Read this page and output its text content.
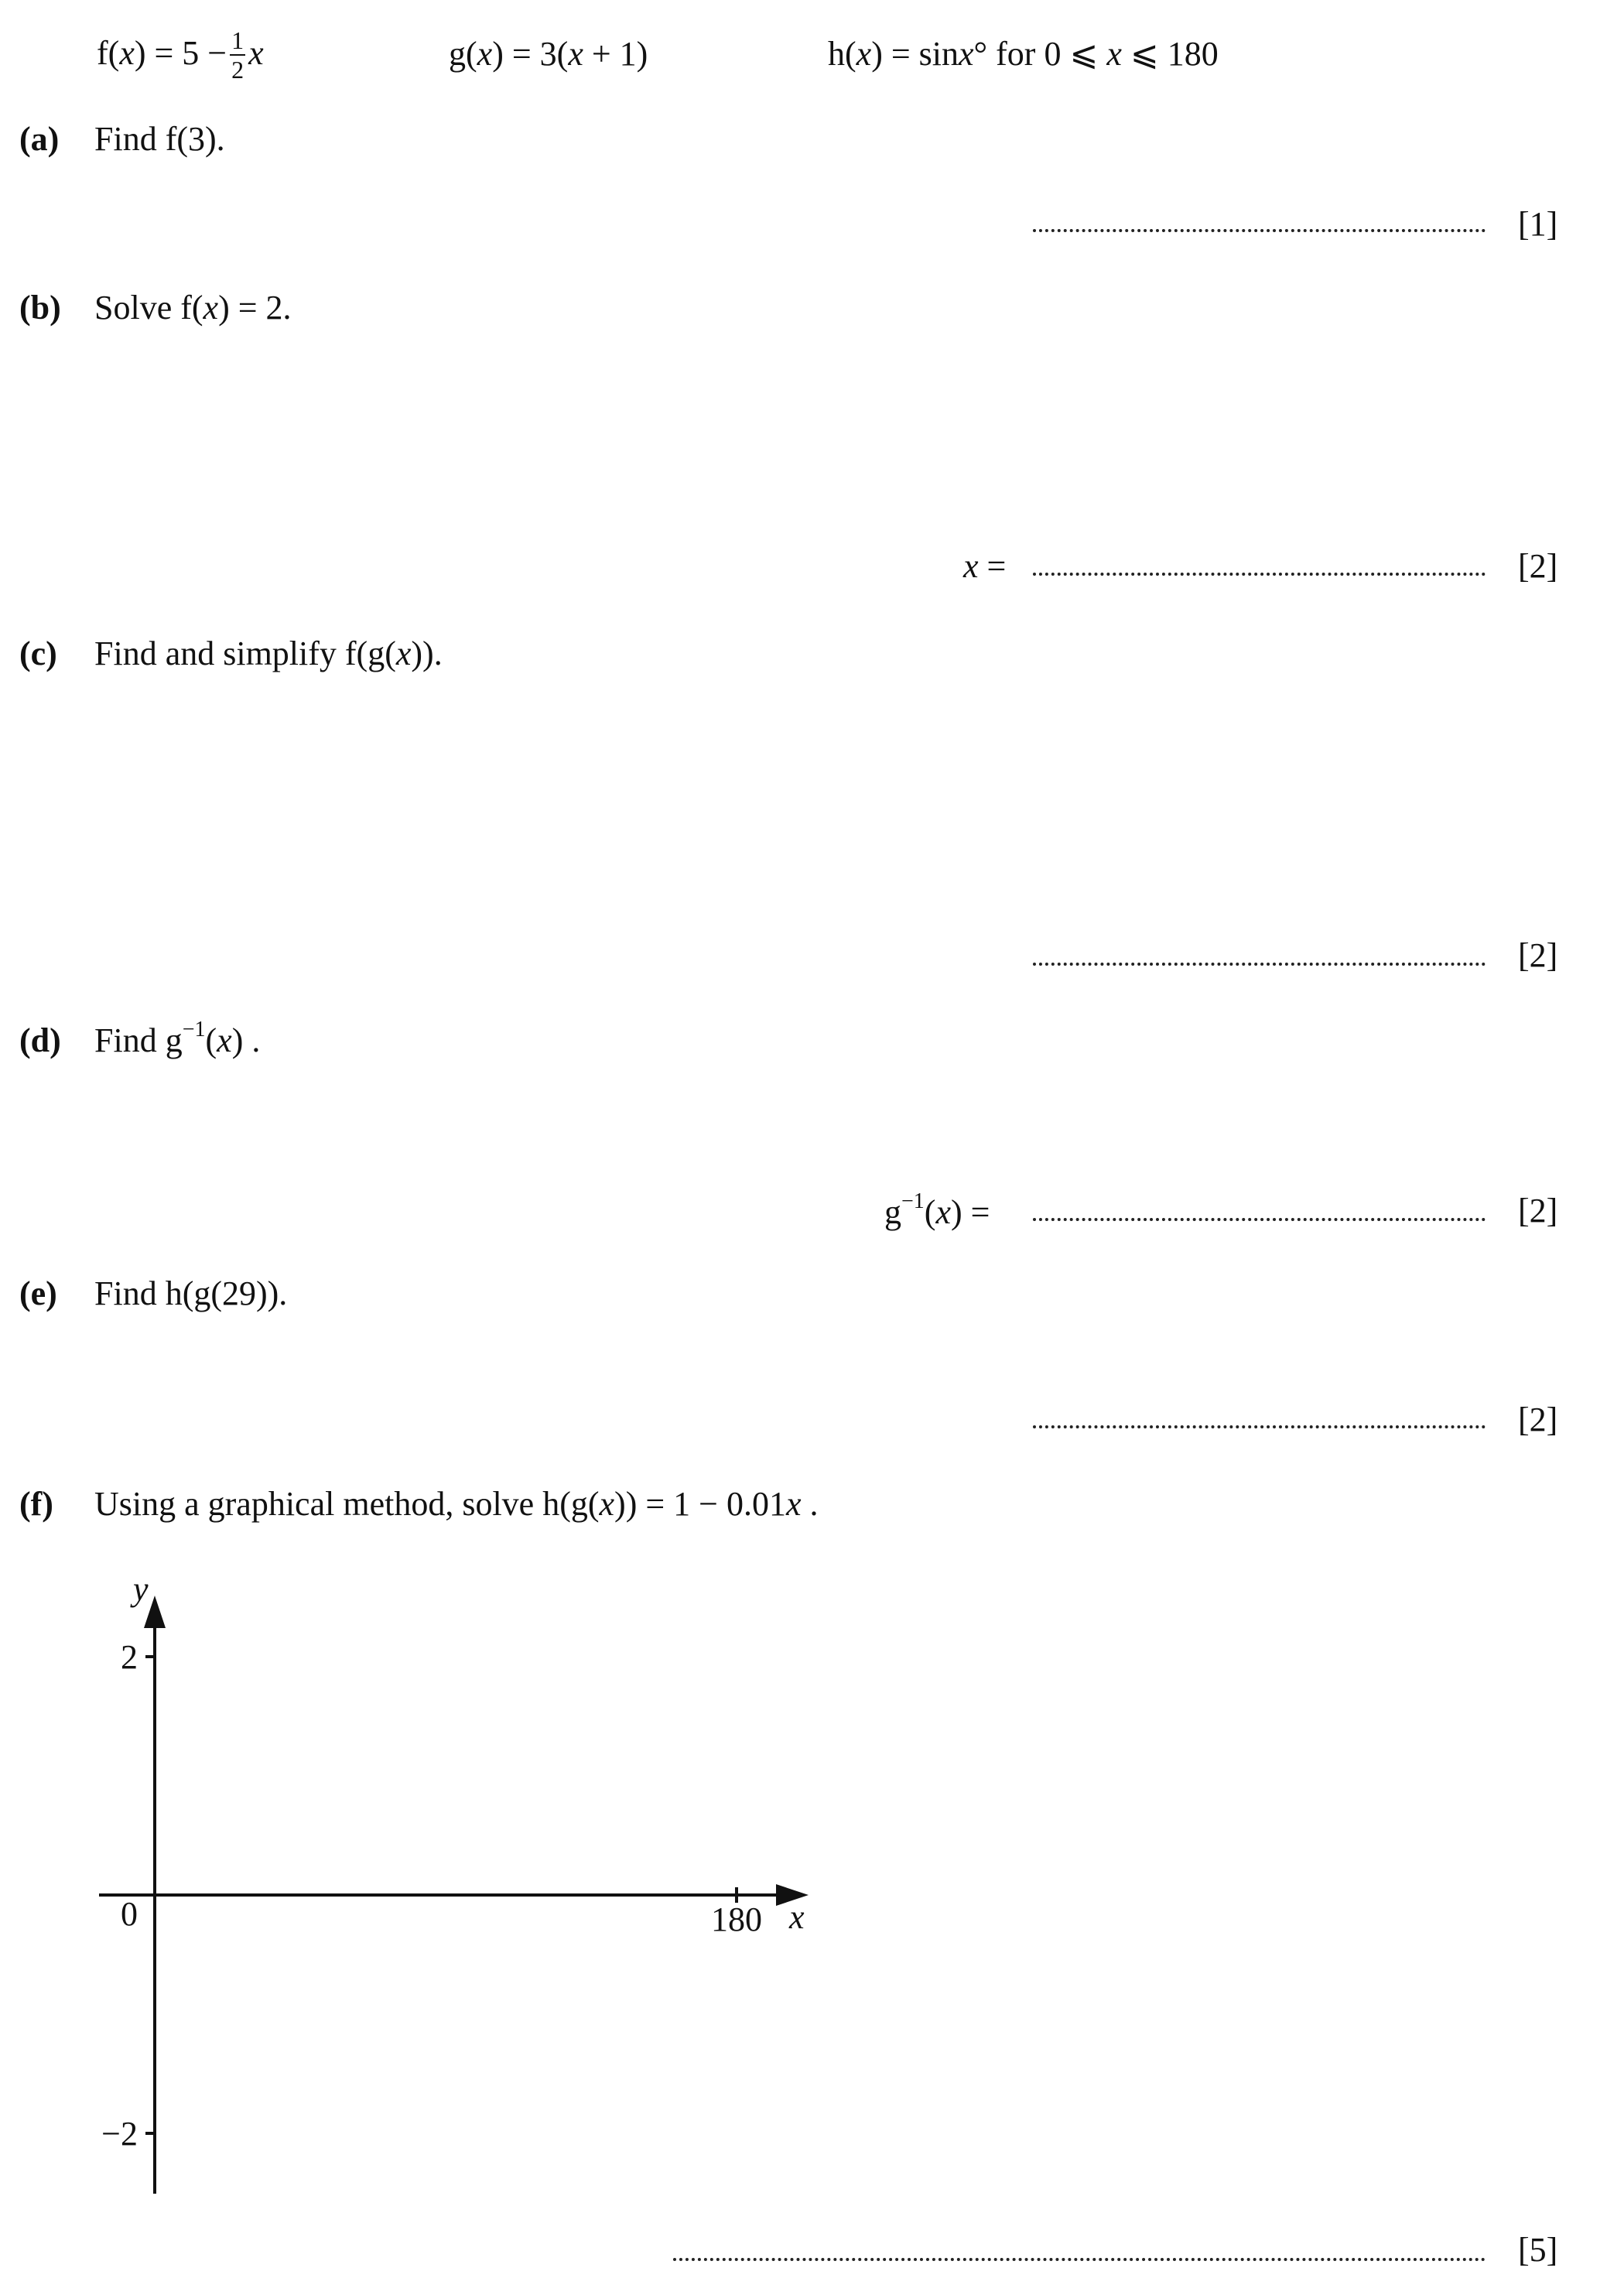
$f(x) = 5 - \frac{1}{2}$ x	g(x) = 3(x + 1)	h(x) = sinx° for 0 ⩽ x ⩽ 180
(a) Find f(3).
[1]
(b) Solve f(x) = 2.
x =	[2]
(c) Find and simplify f(g(x)).
[2]
(d) Find $g^{-1}(x)$ .
$g^{-1}(x)$ =	[2]
(e) Find h(g(29)).
[2]
(f) Using a graphical method, solve h(g(x)) = 1 − 0.01x .
y
x
2
−2
0	180
[5]
